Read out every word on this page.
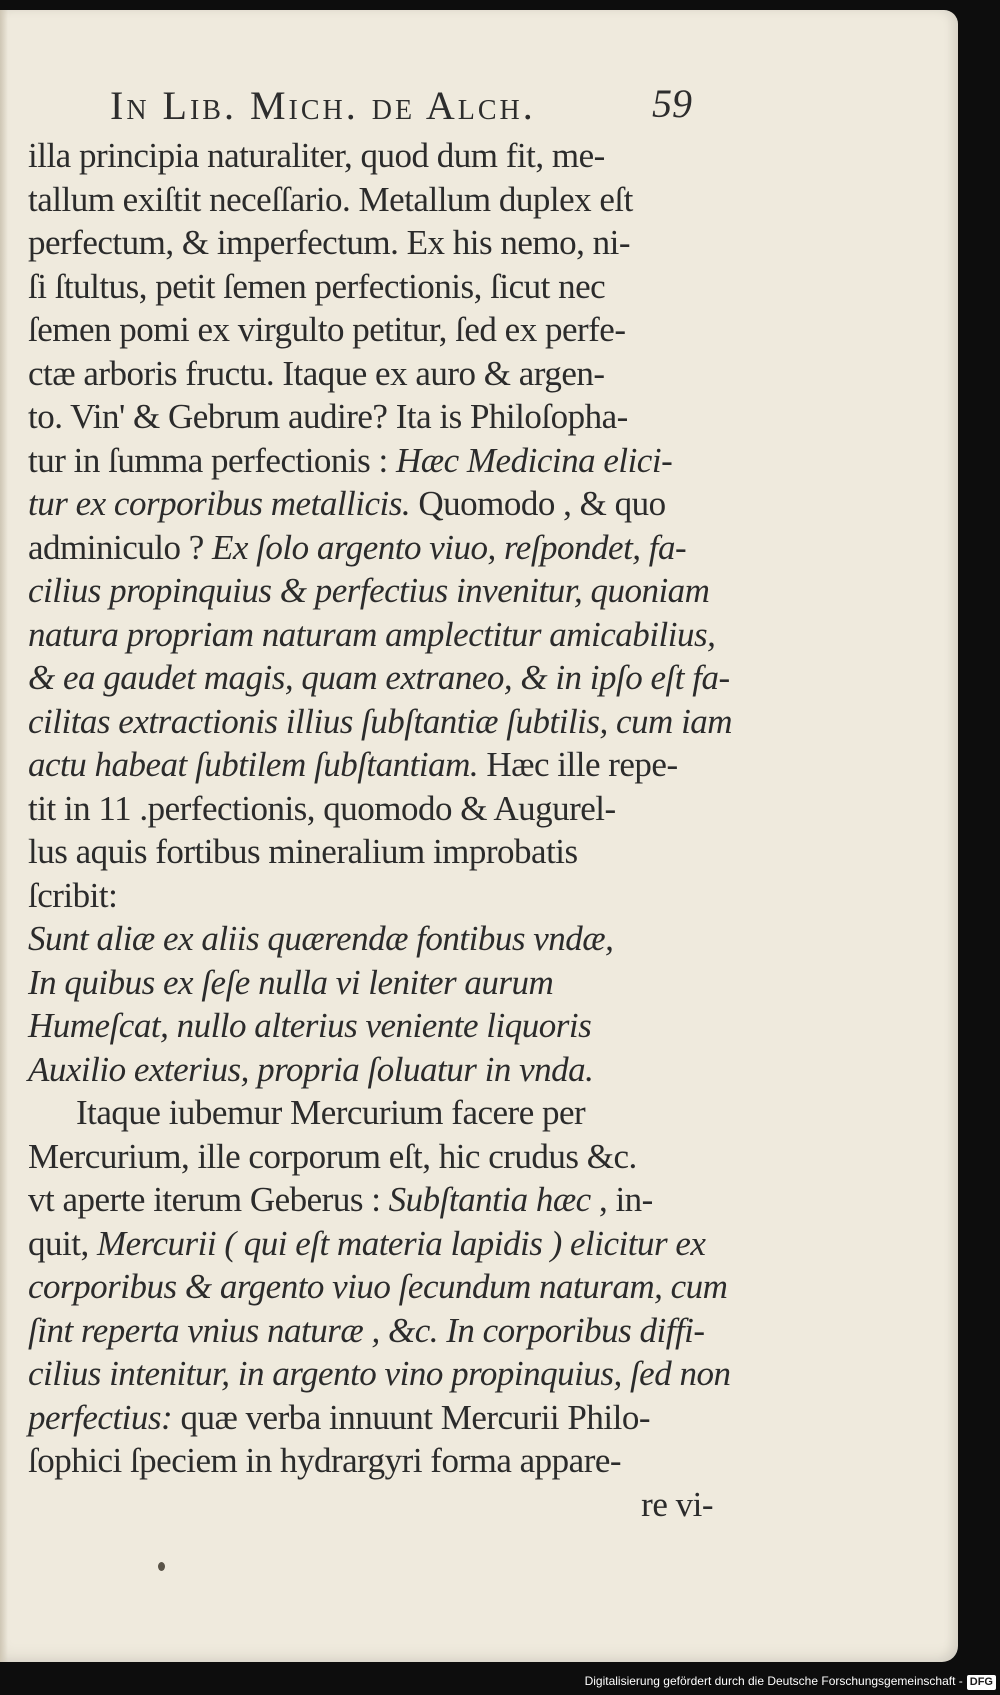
In Lib. Mich. de Alch.	59
illa principia naturaliter, quod dum fit, me-
tallum exiſtit neceſſario. Metallum duplex eſt
perfectum, & imperfectum. Ex his nemo, ni-
ſi ſtultus, petit ſemen perfectionis, ſicut nec
ſemen pomi ex virgulto petitur, ſed ex perfe-
ctæ arboris fructu. Itaque ex auro & argen-
to. Vin' & Gebrum audire? Ita is Philoſopha-
tur in ſumma perfectionis : Hæc Medicina elici-
tur ex corporibus metallicis. Quomodo , & quo
adminiculo ? Ex ſolo argento viuo, reſpondet, fa-
cilius propinquius & perfectius invenitur, quoniam
natura propriam naturam amplectitur amicabilius,
& ea gaudet magis, quam extraneo, & in ipſo eſt fa-
cilitas extractionis illius ſubſtantiæ ſubtilis, cum iam
actu habeat ſubtilem ſubſtantiam. Hæc ille repe-
tit in 11 .perfectionis, quomodo & Augurel-
lus aquis fortibus mineralium improbatis
ſcribit:
Sunt aliæ ex aliis quærendæ fontibus vndæ,
In quibus ex ſeſe nulla vi leniter aurum
Humeſcat, nullo alterius veniente liquoris
Auxilio exterius, propria ſoluatur in vnda.
Itaque iubemur Mercurium facere per
Mercurium, ille corporum eſt, hic crudus &c.
vt aperte iterum Geberus : Subſtantia hæc , in-
quit, Mercurii ( qui eſt materia lapidis ) elicitur ex
corporibus & argento viuo ſecundum naturam, cum
ſint reperta vnius naturæ , &c. In corporibus diffi-
cilius intenitur, in argento vino propinquius, ſed non
perfectius: quæ verba innuunt Mercurii Philo-
ſophici ſpeciem in hydrargyri forma appare-
re vi-
Digitalisierung gefördert durch die Deutsche Forschungsgemeinschaft - DFG
